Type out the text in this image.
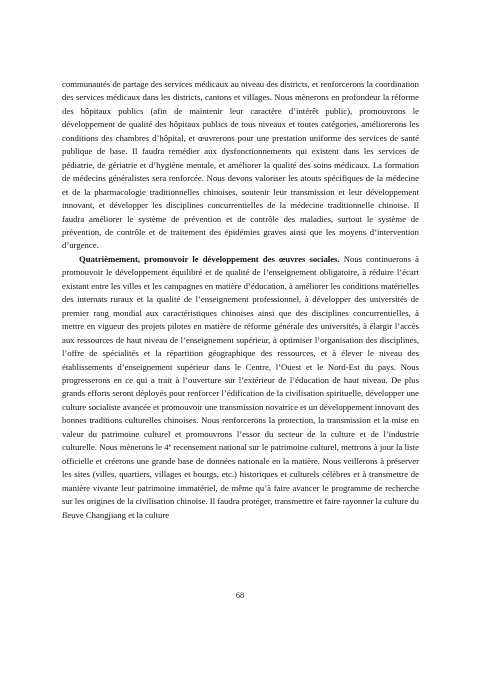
communautés de partage des services médicaux au niveau des districts, et renforcerons la coordination des services médicaux dans les districts, cantons et villages. Nous mènerons en profondeur la réforme des hôpitaux publics (afin de maintenir leur caractère d’intérêt public), promouvrons le développement de qualité des hôpitaux publics de tous niveaux et toutes catégories, améliorerons les conditions des chambres d’hôpital, et œuvrerons pour une prestation uniforme des services de santé publique de base. Il faudra remédier aux dysfonctionnements qui existent dans les services de pédiatrie, de gériatrie et d’hygiène mentale, et améliorer la qualité des soins médicaux. La formation de médecins généralistes sera renforcée. Nous devons valoriser les atouts spécifiques de la médecine et de la pharmacologie traditionnelles chinoises, soutenir leur transmission et leur développement innovant, et développer les disciplines concurrentielles de la médecine traditionnelle chinoise. Il faudra améliorer le système de prévention et de contrôle des maladies, surtout le système de prévention, de contrôle et de traitement des épidémies graves ainsi que les moyens d’intervention d’urgence.

Quatrièmement, promouvoir le développement des œuvres sociales. Nous continuerons à promouvoir le développement équilibré et de qualité de l’enseignement obligatoire, à réduire l’écart existant entre les villes et les campagnes en matière d’éducation, à améliorer les conditions matérielles des internats ruraux et la qualité de l’enseignement professionnel, à développer des universités de premier rang mondial aux caractéristiques chinoises ainsi que des disciplines concurrentielles, à mettre en vigueur des projets pilotes en matière de réforme générale des universités, à élargir l’accès aux ressources de haut niveau de l’enseignement supérieur, à optimiser l’organisation des disciplines, l’offre de spécialités et la répartition géographique des ressources, et à élever le niveau des établissements d’enseignement supérieur dans le Centre, l’Ouest et le Nord-Est du pays. Nous progresserons en ce qui a trait à l’ouverture sur l’extérieur de l’éducation de haut niveau. De plus grands efforts seront déployés pour renforcer l’édification de la civilisation spirituelle, développer une culture socialiste avancée et promouvoir une transmission novatrice et un développement innovant des bonnes traditions culturelles chinoises. Nous renforcerons la protection, la transmission et la mise en valeur du patrimoine culturel et promouvrons l’essor du secteur de la culture et de l’industrie culturelle. Nous mènerons le 4e recensement national sur le patrimoine culturel, mettrons à jour la liste officielle et créerons une grande base de données nationale en la matière. Nous veillerons à préserver les sites (villes, quartiers, villages et bourgs, etc.) historiques et culturels célèbres et à transmettre de manière vivante leur patrimoine immatériel, de même qu’à faire avancer le programme de recherche sur les origines de la civilisation chinoise. Il faudra protéger, transmettre et faire rayonner la culture du fleuve Changjiang et la culture

68
